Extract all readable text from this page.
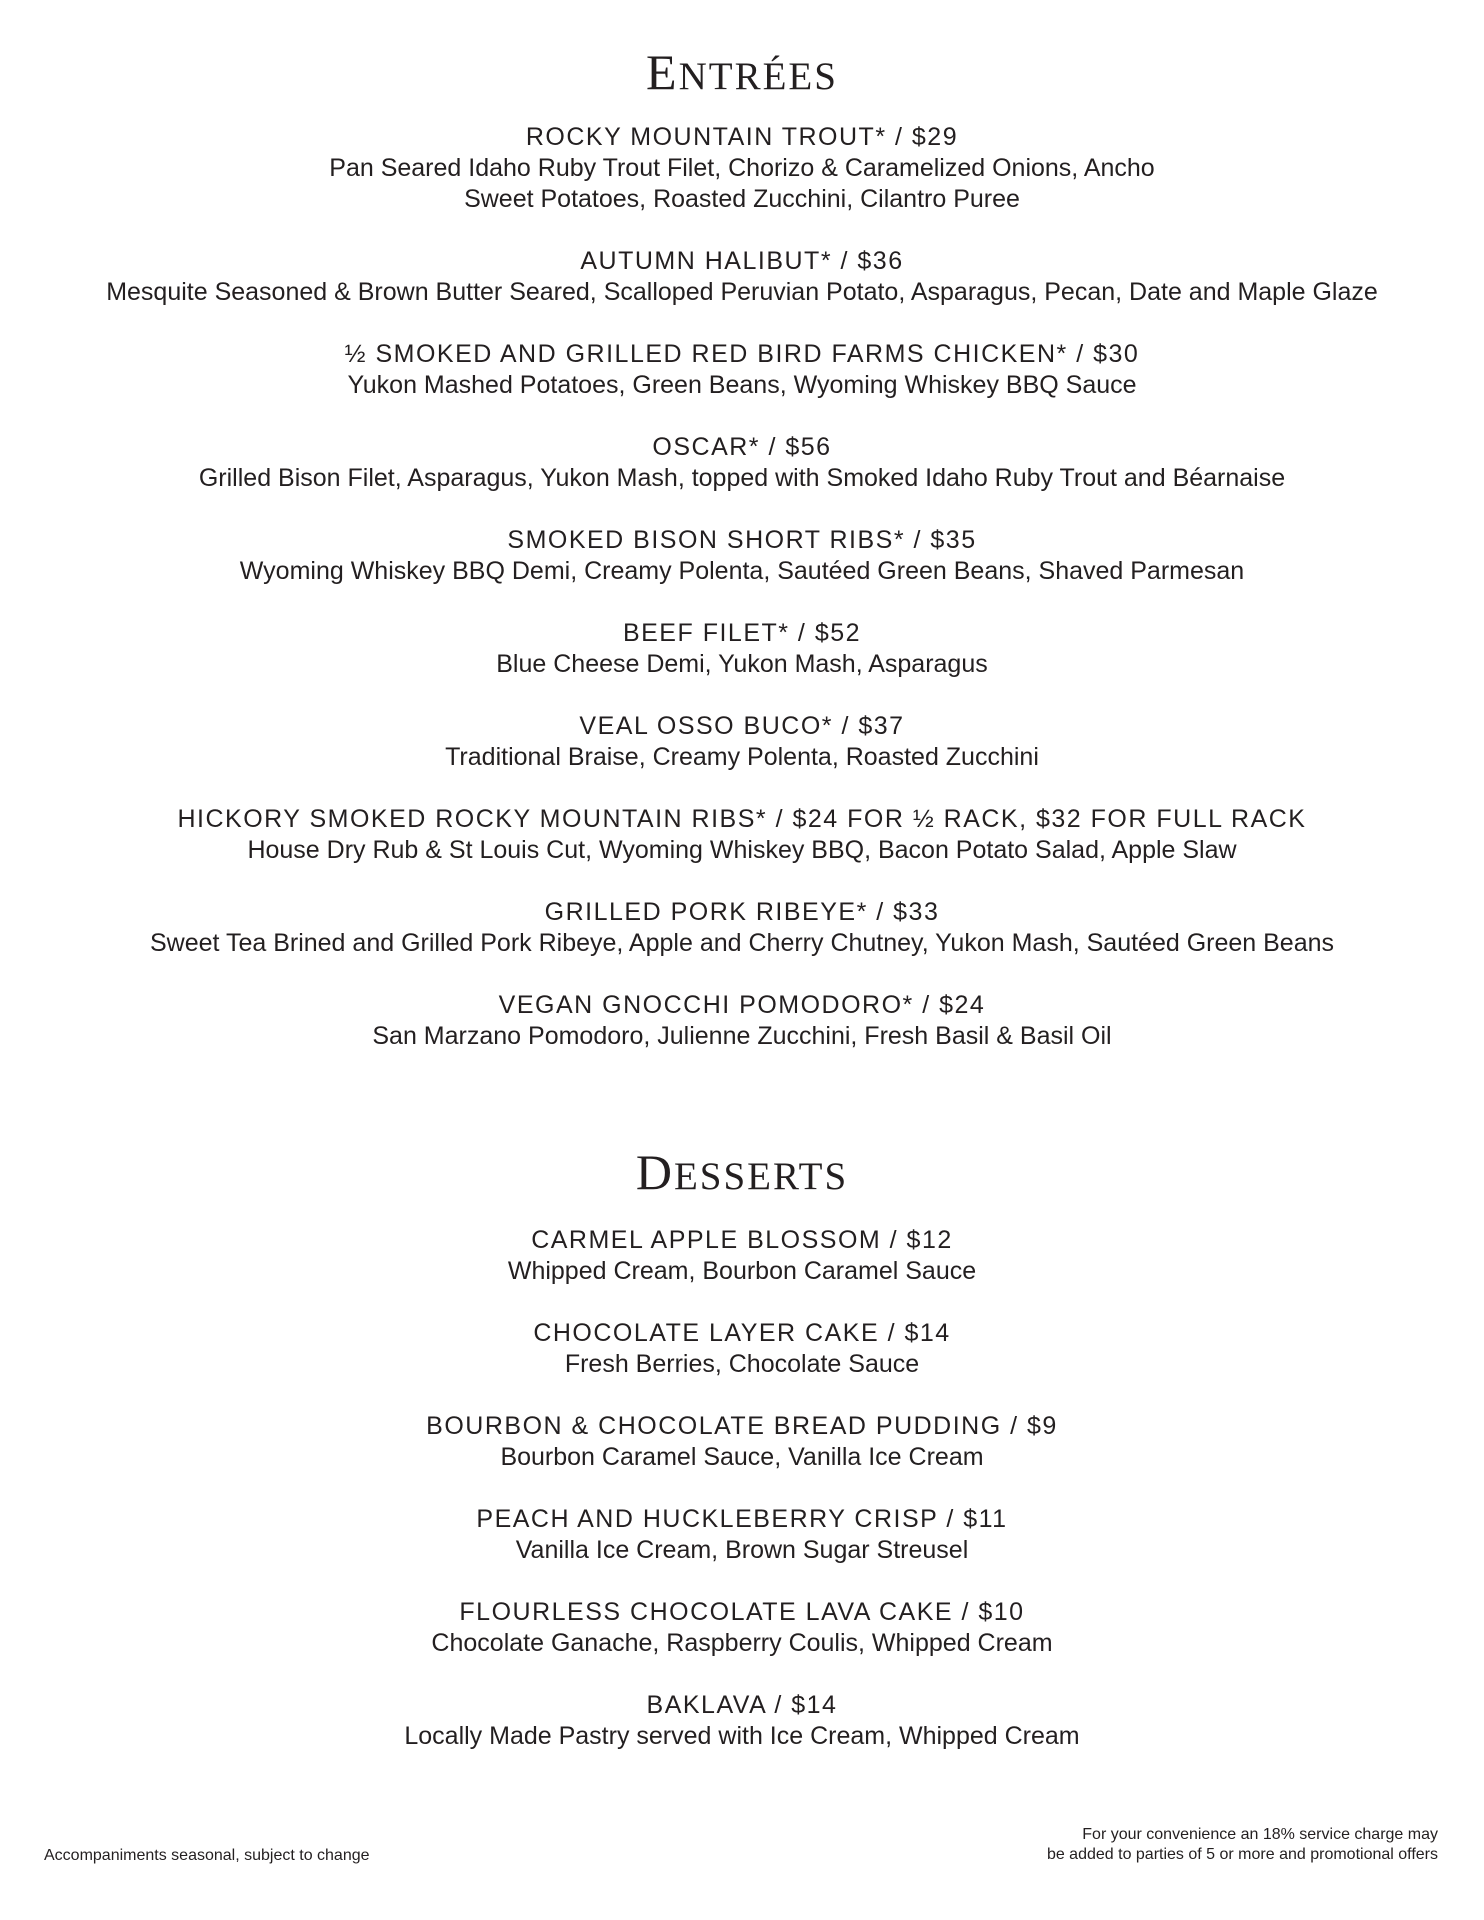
ENTRÉES
ROCKY MOUNTAIN TROUT* / $29
Pan Seared Idaho Ruby Trout Filet, Chorizo & Caramelized Onions, Ancho Sweet Potatoes, Roasted Zucchini, Cilantro Puree
AUTUMN HALIBUT* / $36
Mesquite Seasoned & Brown Butter Seared, Scalloped Peruvian Potato, Asparagus, Pecan, Date and Maple Glaze
½ SMOKED AND GRILLED RED BIRD FARMS CHICKEN* / $30
Yukon Mashed Potatoes, Green Beans, Wyoming Whiskey BBQ Sauce
OSCAR* / $56
Grilled Bison Filet, Asparagus, Yukon Mash, topped with Smoked Idaho Ruby Trout and Béarnaise
SMOKED BISON SHORT RIBS* / $35
Wyoming Whiskey BBQ Demi, Creamy Polenta, Sautéed Green Beans, Shaved Parmesan
BEEF FILET* / $52
Blue Cheese Demi, Yukon Mash, Asparagus
VEAL OSSO BUCO* / $37
Traditional Braise, Creamy Polenta, Roasted Zucchini
HICKORY SMOKED ROCKY MOUNTAIN RIBS* / $24 FOR ½ RACK, $32 FOR FULL RACK
House Dry Rub & St Louis Cut, Wyoming Whiskey BBQ, Bacon Potato Salad, Apple Slaw
GRILLED PORK RIBEYE* / $33
Sweet Tea Brined and Grilled Pork Ribeye, Apple and Cherry Chutney, Yukon Mash, Sautéed Green Beans
VEGAN GNOCCHI POMODORO* / $24
San Marzano Pomodoro, Julienne Zucchini, Fresh Basil & Basil Oil
DESSERTS
CARMEL APPLE BLOSSOM / $12
Whipped Cream, Bourbon Caramel Sauce
CHOCOLATE LAYER CAKE / $14
Fresh Berries, Chocolate Sauce
BOURBON & CHOCOLATE BREAD PUDDING / $9
Bourbon Caramel Sauce, Vanilla Ice Cream
PEACH AND HUCKLEBERRY CRISP / $11
Vanilla Ice Cream, Brown Sugar Streusel
FLOURLESS CHOCOLATE LAVA CAKE / $10
Chocolate Ganache, Raspberry Coulis, Whipped Cream
BAKLAVA / $14
Locally Made Pastry served with Ice Cream, Whipped Cream
Accompaniments seasonal, subject to change
For your convenience an 18% service charge may
be added to parties of 5 or more and promotional offers
